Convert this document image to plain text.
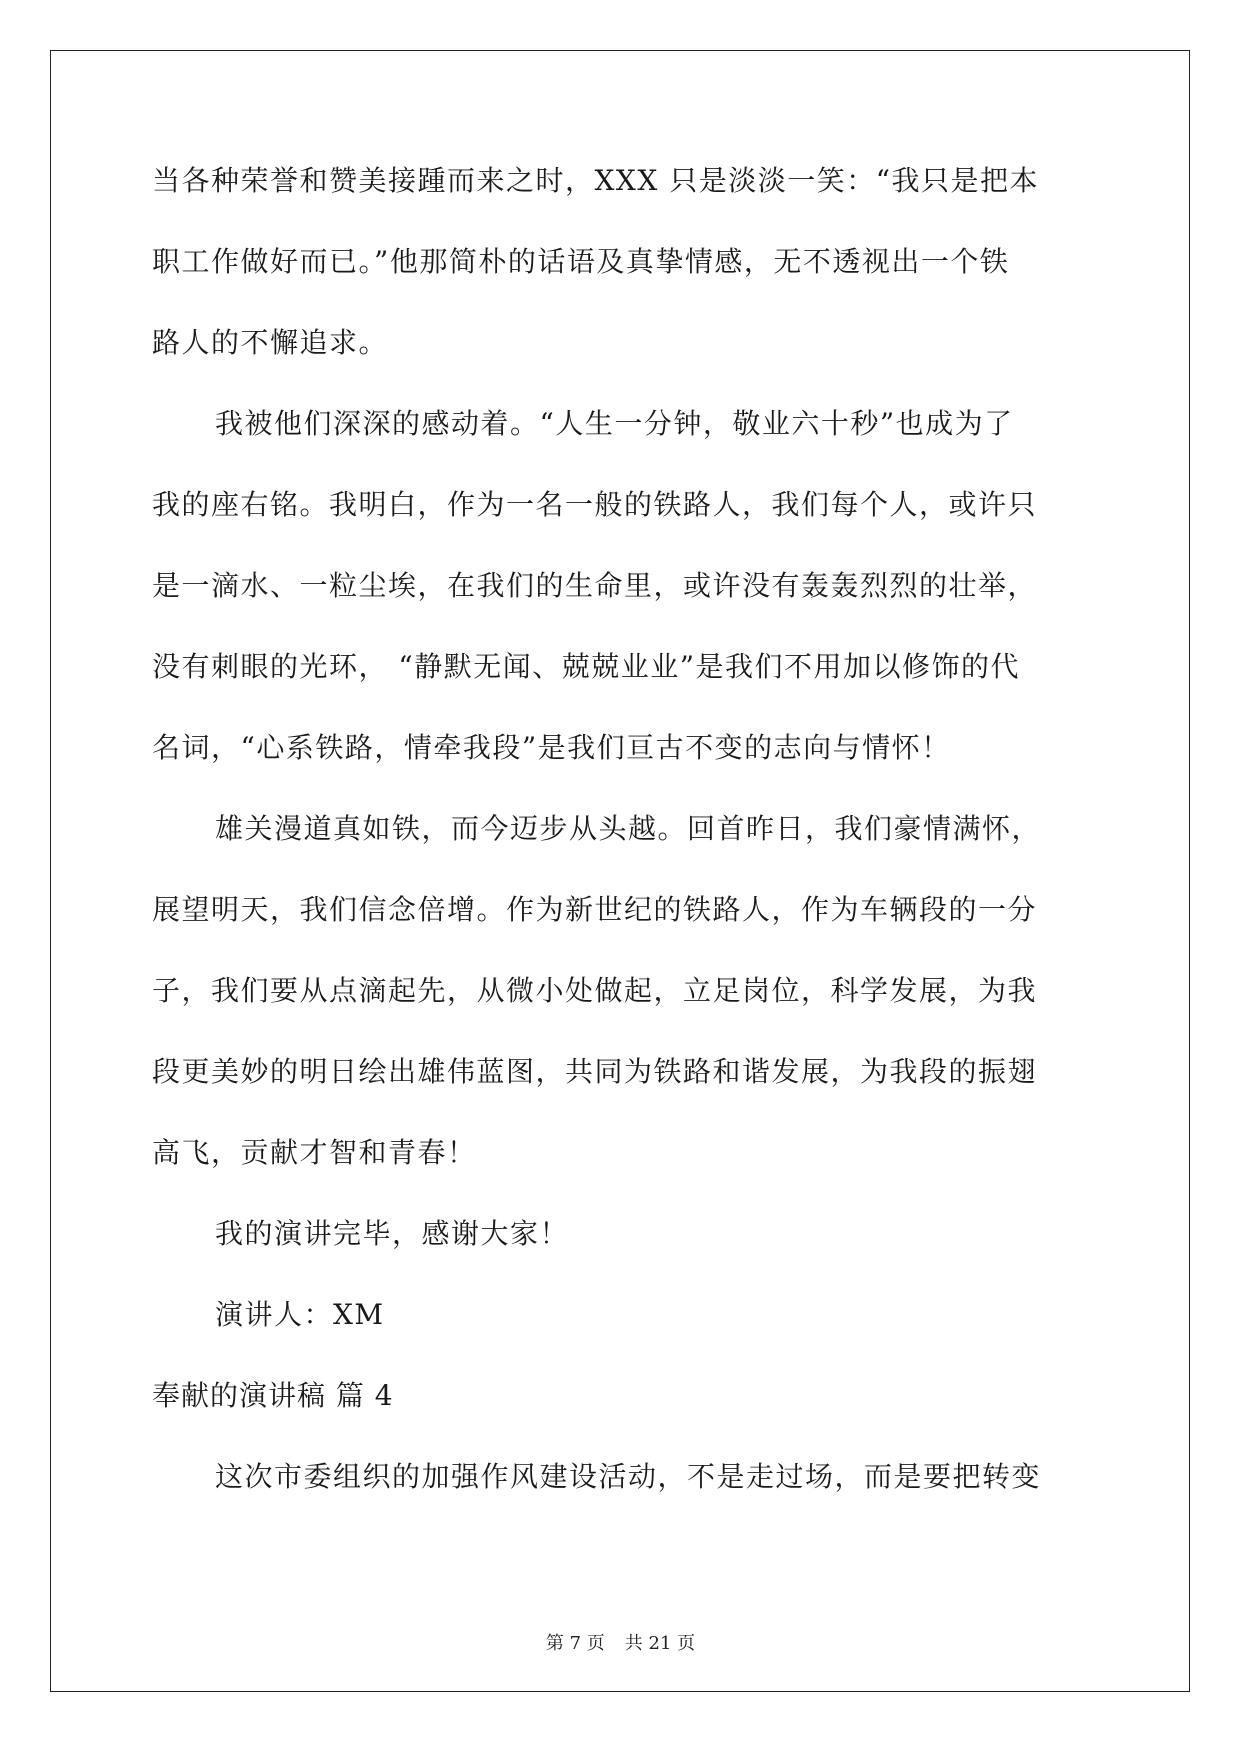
当各种荣誉和赞美接踵而来之时，XXX 只是淡淡一笑：“我只是把本
职工作做好而已。”他那简朴的话语及真挚情感，无不透视出一个铁
路人的不懈追求。
我被他们深深的感动着。“人生一分钟，敬业六十秒”也成为了
我的座右铭。我明白，作为一名一般的铁路人，我们每个人，或许只
是一滴水、一粒尘埃，在我们的生命里，或许没有轰轰烈烈的壮举，
没有刺眼的光环， “静默无闻、兢兢业业”是我们不用加以修饰的代
名词，“心系铁路，情牵我段”是我们亘古不变的志向与情怀！
雄关漫道真如铁，而今迈步从头越。回首昨日，我们豪情满怀，
展望明天，我们信念倍增。作为新世纪的铁路人，作为车辆段的一分
子，我们要从点滴起先，从微小处做起，立足岗位，科学发展，为我
段更美妙的明日绘出雄伟蓝图，共同为铁路和谐发展，为我段的振翅
高飞，贡献才智和青春！
我的演讲完毕，感谢大家！
演讲人：XM
奉献的演讲稿 篇 4
这次市委组织的加强作风建设活动，不是走过场，而是要把转变
第 7 页 共 21 页
